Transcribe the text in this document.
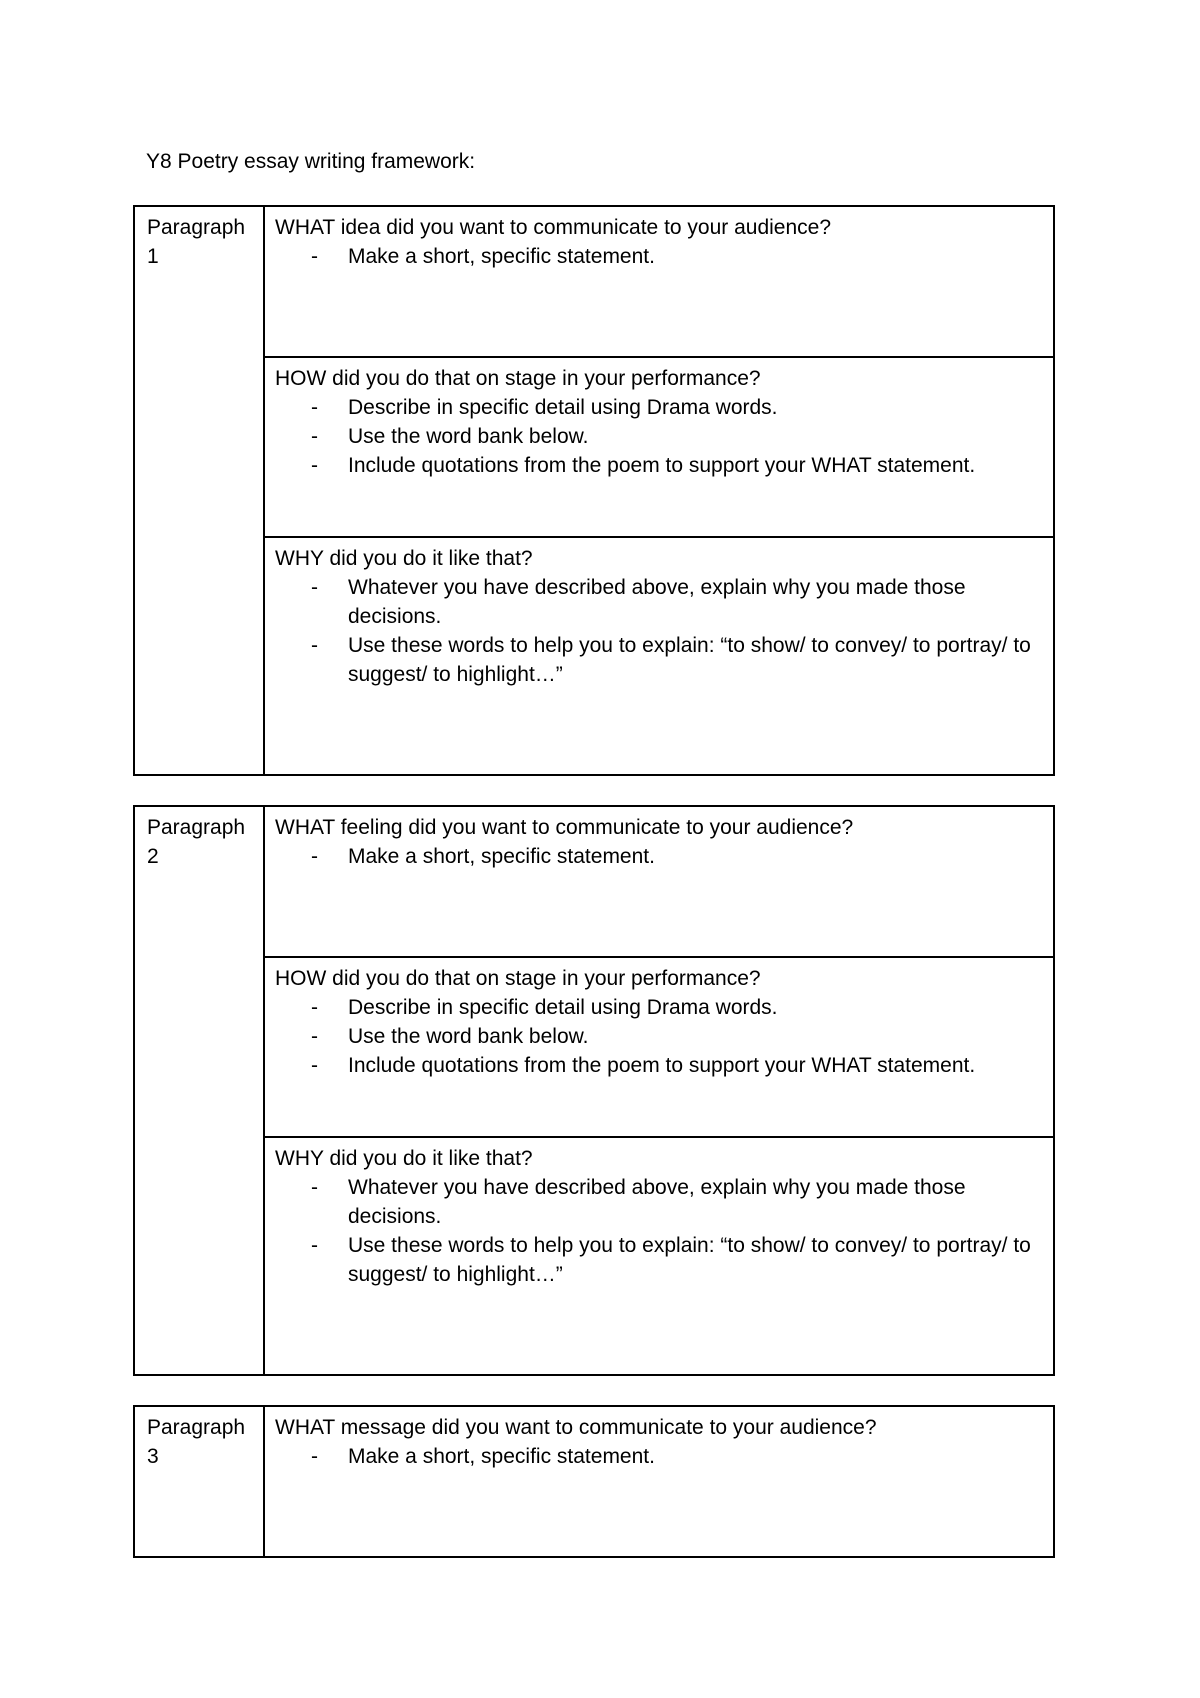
Y8 Poetry essay writing framework:
Paragraph
1
WHAT idea did you want to communicate to your audience?
- Make a short, specific statement.
HOW did you do that on stage in your performance?
- Describe in specific detail using Drama words.
- Use the word bank below.
- Include quotations from the poem to support your WHAT statement.
WHY did you do it like that?
- Whatever you have described above, explain why you made those decisions.
- Use these words to help you to explain: “to show/ to convey/ to portray/ to suggest/ to highlight…”
Paragraph
2
WHAT feeling did you want to communicate to your audience?
- Make a short, specific statement.
HOW did you do that on stage in your performance?
- Describe in specific detail using Drama words.
- Use the word bank below.
- Include quotations from the poem to support your WHAT statement.
WHY did you do it like that?
- Whatever you have described above, explain why you made those decisions.
- Use these words to help you to explain: “to show/ to convey/ to portray/ to suggest/ to highlight…”
Paragraph
3
WHAT message did you want to communicate to your audience?
- Make a short, specific statement.
